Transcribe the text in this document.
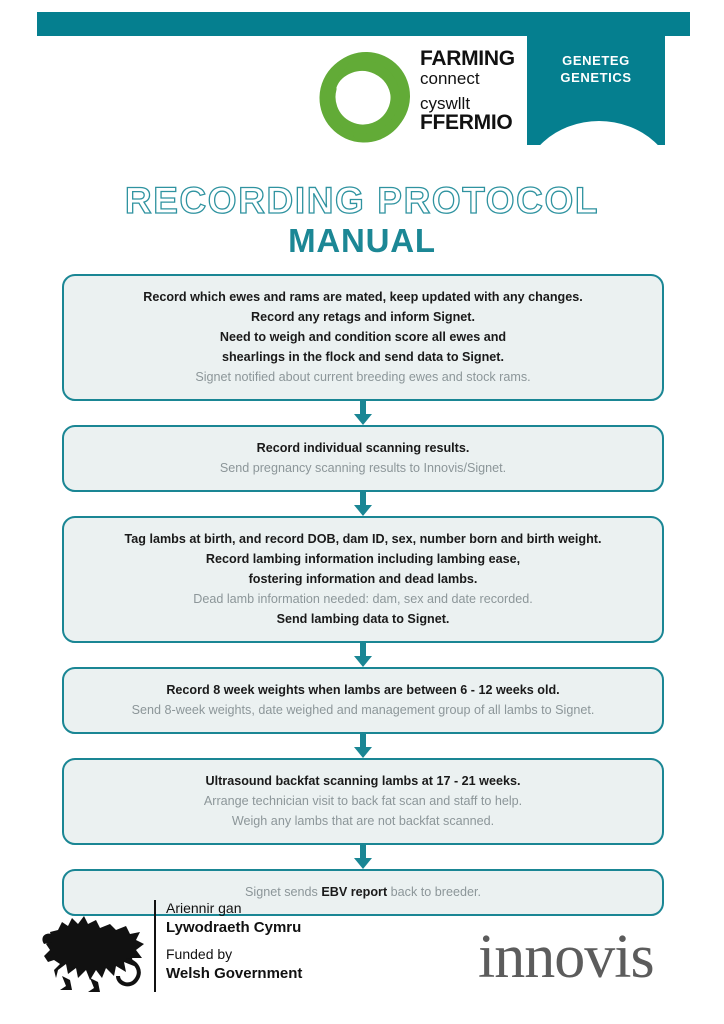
GENETEG
GENETICS
FARMING
connect
cyswllt
FFERMIO
RECORDING PROTOCOL
MANUAL
Record which ewes and rams are mated, keep updated with any changes.
Record any retags and inform Signet.
Need to weigh and condition score all ewes and
shearlings in the flock and send data to Signet.
Signet notified about current breeding ewes and stock rams.
Record individual scanning results.
Send pregnancy scanning results to Innovis/Signet.
Tag lambs at birth, and record DOB, dam ID, sex, number born and birth weight.
Record lambing information including lambing ease,
fostering information and dead lambs.
Dead lamb information needed: dam, sex and date recorded.
Send lambing data to Signet.
Record 8 week weights when lambs are between 6 - 12 weeks old.
Send 8-week weights, date weighed and management group of all lambs to Signet.
Ultrasound backfat scanning lambs at 17 - 21 weeks.
Arrange technician visit to back fat scan and staff to help.
Weigh any lambs that are not backfat scanned.
Signet sends EBV report back to breeder.
Ariennir gan
Lywodraeth Cymru
Funded by
Welsh Government	innovis
